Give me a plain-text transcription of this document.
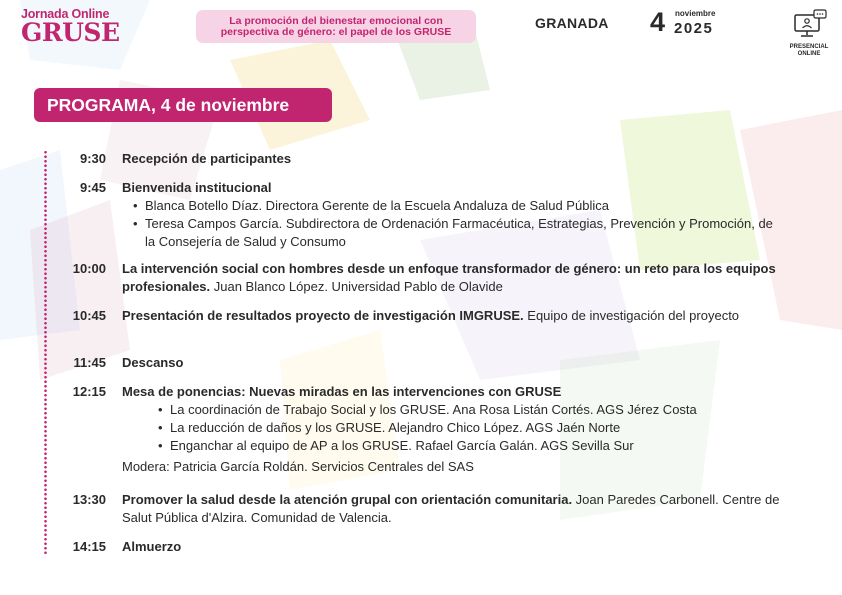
Jornada Online
GRUSE	La promoción del bienestar emocional con perspectiva de género: el papel de los GRUSE
GRANADA 4 noviembre
2025
PRESENCIAL
ONLINE
PROGRAMA, 4 de noviembre
9:30	Recepción de participantes
9:45	Bienvenida institucional
• Blanca Botello Díaz. Directora Gerente de la Escuela Andaluza de Salud Pública
• Teresa Campos García. Subdirectora de Ordenación Farmacéutica, Estrategias, Prevención y Promoción, de la Consejería de Salud y Consumo
10:00	La intervención social con hombres desde un enfoque transformador de género: un reto para los equipos profesionales. Juan Blanco López. Universidad Pablo de Olavide
10:45	Presentación de resultados proyecto de investigación IMGRUSE. Equipo de investigación del proyecto
11:45	Descanso
12:15	Mesa de ponencias: Nuevas miradas en las intervenciones con GRUSE
• La coordinación de Trabajo Social y los GRUSE. Ana Rosa Listán Cortés. AGS Jérez Costa
• La reducción de daños y los GRUSE. Alejandro Chico López. AGS Jaén Norte
• Enganchar al equipo de AP a los GRUSE. Rafael García Galán. AGS Sevilla Sur
Modera: Patricia García Roldán. Servicios Centrales del SAS
13:30	Promover la salud desde la atención grupal con orientación comunitaria. Joan Paredes Carbonell. Centre de Salut Pública d'Alzira. Comunidad de Valencia.
14:15	Almuerzo
